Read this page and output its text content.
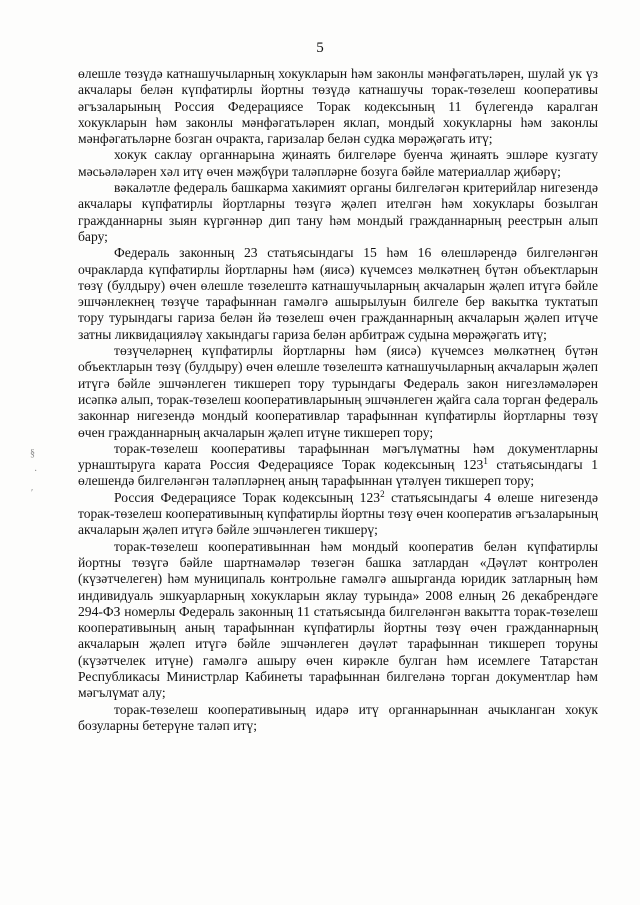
5
§
·
′

өлешле төзүдә катнашучыларның хокукларын һәм законлы мәнфәгатьләрен, шулай ук үз акчалары белән күпфатирлы йортны төзүдә катнашучы торак-төзелеш кооперативы әгъзаларының Россия Федерациясе Торак кодексының 11 бүлегендә каралган хокукларын һәм законлы мәнфәгатьләрен яклап, мондый хокукларны һәм законлы мәнфәгатьләрне бозган очракта, гаризалар белән судка мөрәҗәгать итү;

хокук саклау органнарына җинаять билгеләре буенча җинаять эшләре кузгату мәсьәләләрен хәл итү өчен мәҗбүри таләпләрне бозуга бәйле материаллар җибәрү;

вәкаләтле федераль башкарма хакимият органы билгеләгән критерийлар нигезендә акчалары күпфатирлы йортларны төзүгә җәлеп ителгән һәм хокуклары бозылган гражданнарны зыян күргәннәр дип тану һәм мондый гражданнарның реестрын алып бару;

Федераль законның 23 статьясындагы 15 һәм 16 өлешләрендә билгеләнгән очракларда күпфатирлы йортларны һәм (яисә) күчемсез мөлкәтнең бүтән объектларын төзү (булдыру) өчен өлешле төзелештә катнашучыларның акчаларын җәлеп итүгә бәйле эшчәнлекнең төзүче тарафыннан гамәлгә ашырылуын билгеле бер вакытка туктатып тору турындагы гариза белән йә төзелеш өчен гражданнарның акчаларын җәлеп итүче затны ликвидацияләү хакындагы гариза белән арбитраж судына мөрәҗәгать итү;

төзүчеләрнең күпфатирлы йортларны һәм (яисә) күчемсез мөлкәтнең бүтән объектларын төзү (булдыру) өчен өлешле төзелештә катнашучыларның акчаларын җәлеп итүгә бәйле эшчәнлеген тикшереп тору турындагы Федераль закон нигезләмәләрен исәпкә алып, торак-төзелеш кооперативларының эшчәнлеген җайга сала торган федераль законнар нигезендә мондый кооперативлар тарафыннан күпфатирлы йортларны төзү өчен гражданнарның акчаларын җәлеп итүне тикшереп тору;

торак-төзелеш кооперативы тарафыннан мәгълүматны һәм документларны урнаштыруга карата Россия Федерациясе Торак кодексының $123^1$ статьясындагы 1 өлешендә билгеләнгән таләпләрнең аның тарафыннан үтәлүен тикшереп тору;

Россия Федерациясе Торак кодексының $123^2$ статьясындагы 4 өлеше нигезендә торак-төзелеш кооперативының күпфатирлы йортны төзү өчен кооператив әгъзаларының акчаларын җәлеп итүгә бәйле эшчәнлеген тикшерү;

торак-төзелеш кооперативыннан һәм мондый кооператив белән күпфатирлы йортны төзүгә бәйле шартнамәләр төзегән башка затлардан «Дәүләт контролен (күзәтчелеген) һәм муниципаль контрольне гамәлгә ашырганда юридик затларның һәм индивидуаль эшкуарларның хокукларын яклау турында» 2008 елның 26 декабрендәге 294-ФЗ номерлы Федераль законның 11 статьясында билгеләнгән вакытта торак-төзелеш кооперативының аның тарафыннан күпфатирлы йортны төзү өчен гражданнарның акчаларын җәлеп итүгә бәйле эшчәнлеген дәүләт тарафыннан тикшереп торуны (күзәтчелек итүне) гамәлгә ашыру өчен кирәкле булган һәм исемлеге Татарстан Республикасы Министрлар Кабинеты тарафыннан билгеләнә торган документлар һәм мәгълүмат алу;

торак-төзелеш кооперативының идарә итү органнарыннан ачыкланган хокук бозуларны бетерүне таләп итү;
